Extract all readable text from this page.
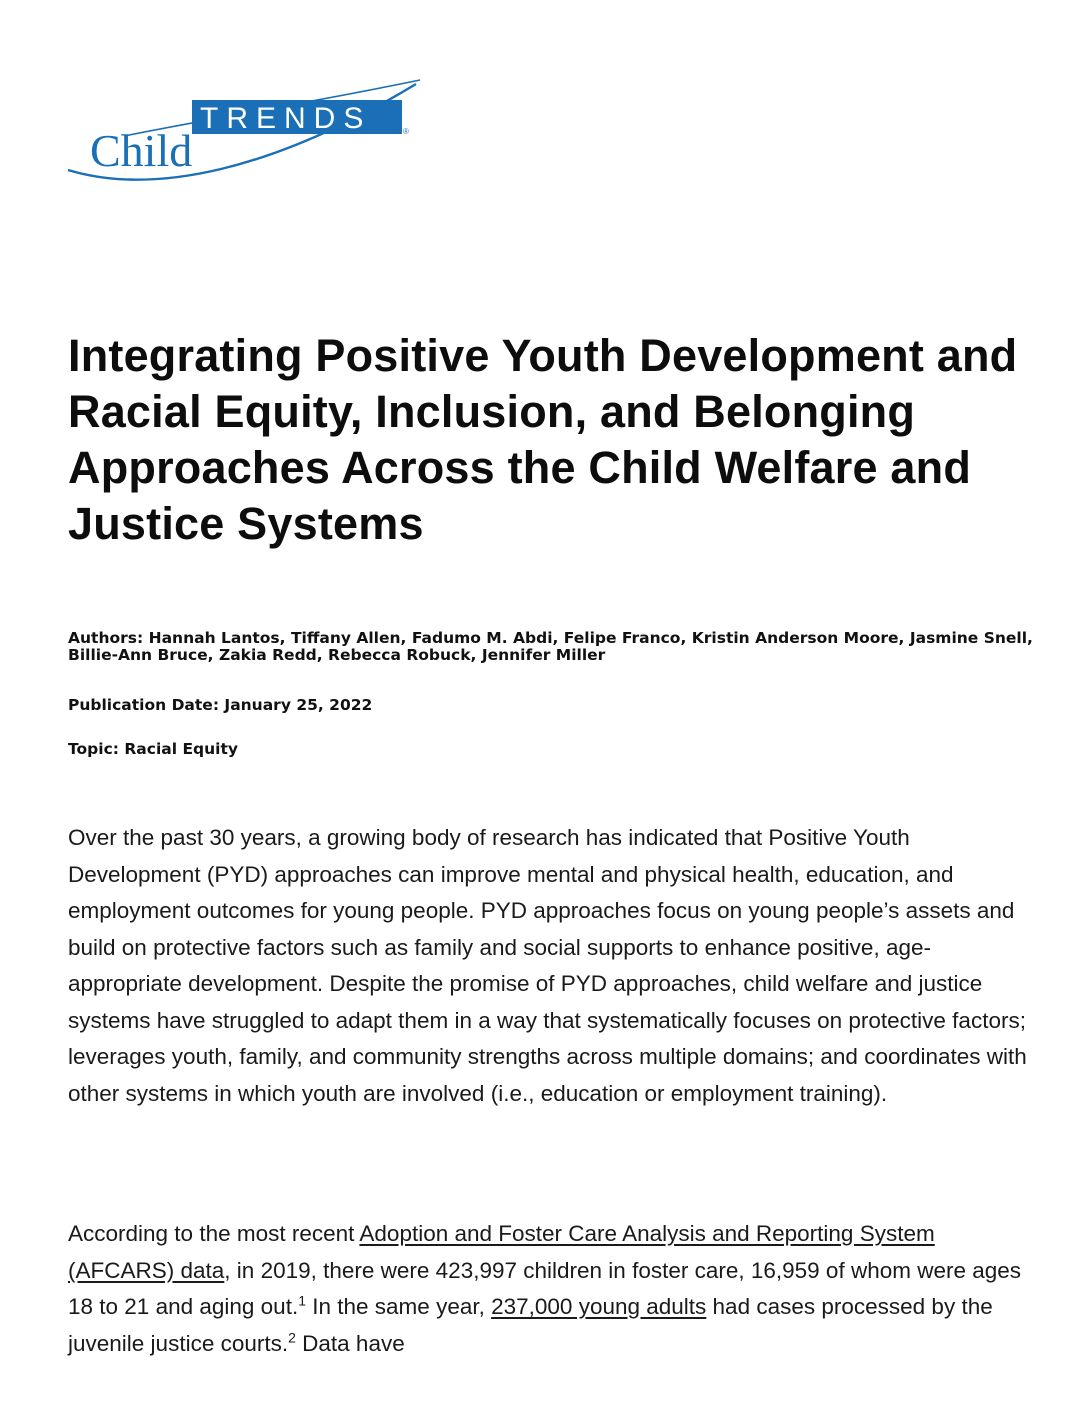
TRENDS	®
Child
Integrating Positive Youth Development and Racial Equity, Inclusion, and Belonging Approaches Across the Child Welfare and Justice Systems
Authors: Hannah Lantos, Tiffany Allen, Fadumo M. Abdi, Felipe Franco, Kristin Anderson Moore, Jasmine Snell, Billie-Ann Bruce, Zakia Redd, Rebecca Robuck, Jennifer Miller
Publication Date: January 25, 2022
Topic: Racial Equity

Over the past 30 years, a growing body of research has indicated that Positive Youth Development (PYD) approaches can improve mental and physical health, education, and employment outcomes for young people. PYD approaches focus on young people’s assets and build on protective factors such as family and social supports to enhance positive, age-appropriate development. Despite the promise of PYD approaches, child welfare and justice systems have struggled to adapt them in a way that systematically focuses on protective factors; leverages youth, family, and community strengths across multiple domains; and coordinates with other systems in which youth are involved (i.e., education or employment training).

According to the most recent Adoption and Foster Care Analysis and Reporting System (AFCARS) data, in 2019, there were 423,997 children in foster care, 16,959 of whom were ages 18 to 21 and aging out.$^1$ In the same year, 237,000 young adults had cases processed by the juvenile justice courts.$^2$ Data have
